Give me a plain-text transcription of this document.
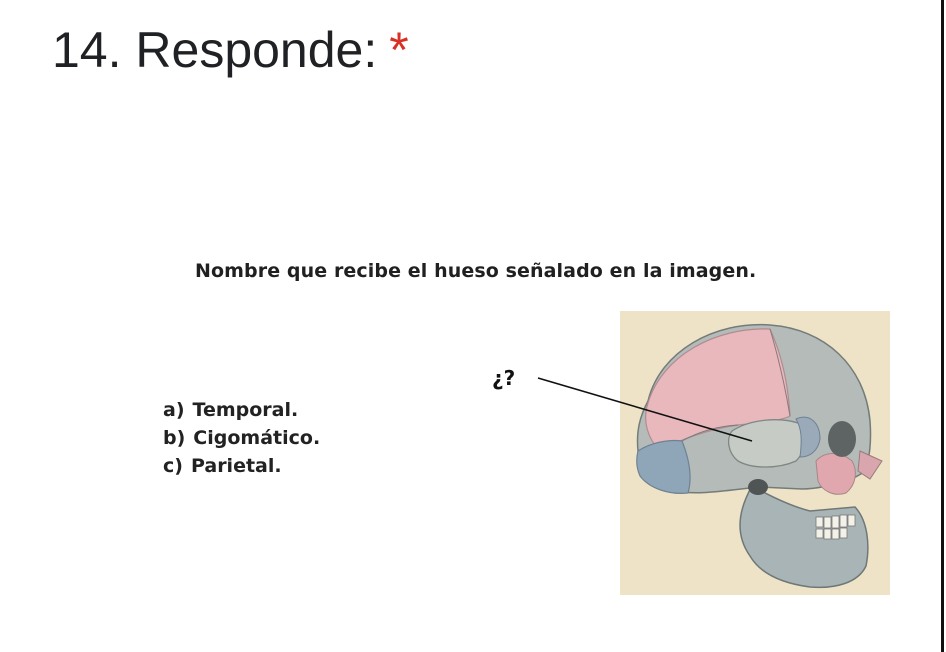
14. Responde: *
Nombre que recibe el hueso señalado en la imagen.
a) Temporal.
b) Cigomático.
c) Parietal.
¿?
